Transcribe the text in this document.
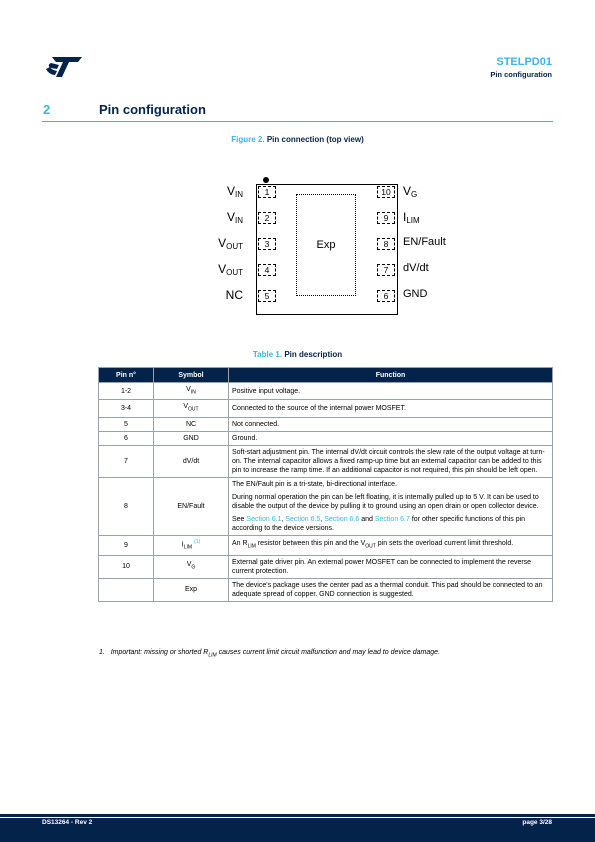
STELPD01
Pin configuration
2	Pin configuration
Figure 2. Pin connection (top view)
Exp
1
$V_{IN}$
2
$V_{IN}$
3
$V_{OUT}$
4
$V_{OUT}$
5
NC
10	$V_G$
9	$I_{LIM}$
8	EN/Fault
7	dV/dt
6	GND
Table 1. Pin description
Pin n°	Symbol	Function
1-2	$V_{IN}$	Positive input voltage.

3-4	$V_{OUT}$	Connected to the source of the internal power MOSFET.

5	NC	Not connected.

6	GND	Ground.

7	dV/dt	Soft-start adjustment pin. The internal dV/dt circuit controls the slew rate of the output voltage at turn-on. The internal capacitor allows a fixed ramp-up time but an external capacitor can be added to this pin to increase the ramp time. If an additional capacitor is not required, this pin should be left open.

8	EN/Fault	The EN/Fault pin is a tri-state, bi-directional interface.

During normal operation the pin can be left floating, it is internally pulled up to 5 V. It can be used to disable the output of the device by pulling it to ground using an open drain or open collector device.

See Section 6.1, Section 6.5, Section 6.6 and Section 6.7 for other specific functions of this pin according to the device versions.

9	$I_{LIM}^{(1)}$	An $R_{LIM}$ resistor between this pin and the $V_{OUT}$ pin sets the overload current limit threshold.

10	$V_G$	External gate driver pin. An external power MOSFET can be connected to implement the reverse current protection.

	Exp	The device's package uses the center pad as a thermal conduit. This pad should be connected to an adequate spread of copper. GND connection is suggested.

1. Important: missing or shorted $R_{LIM}$ causes current limit circuit malfunction and may lead to device damage.
DS13264 - Rev 2	page 3/28
